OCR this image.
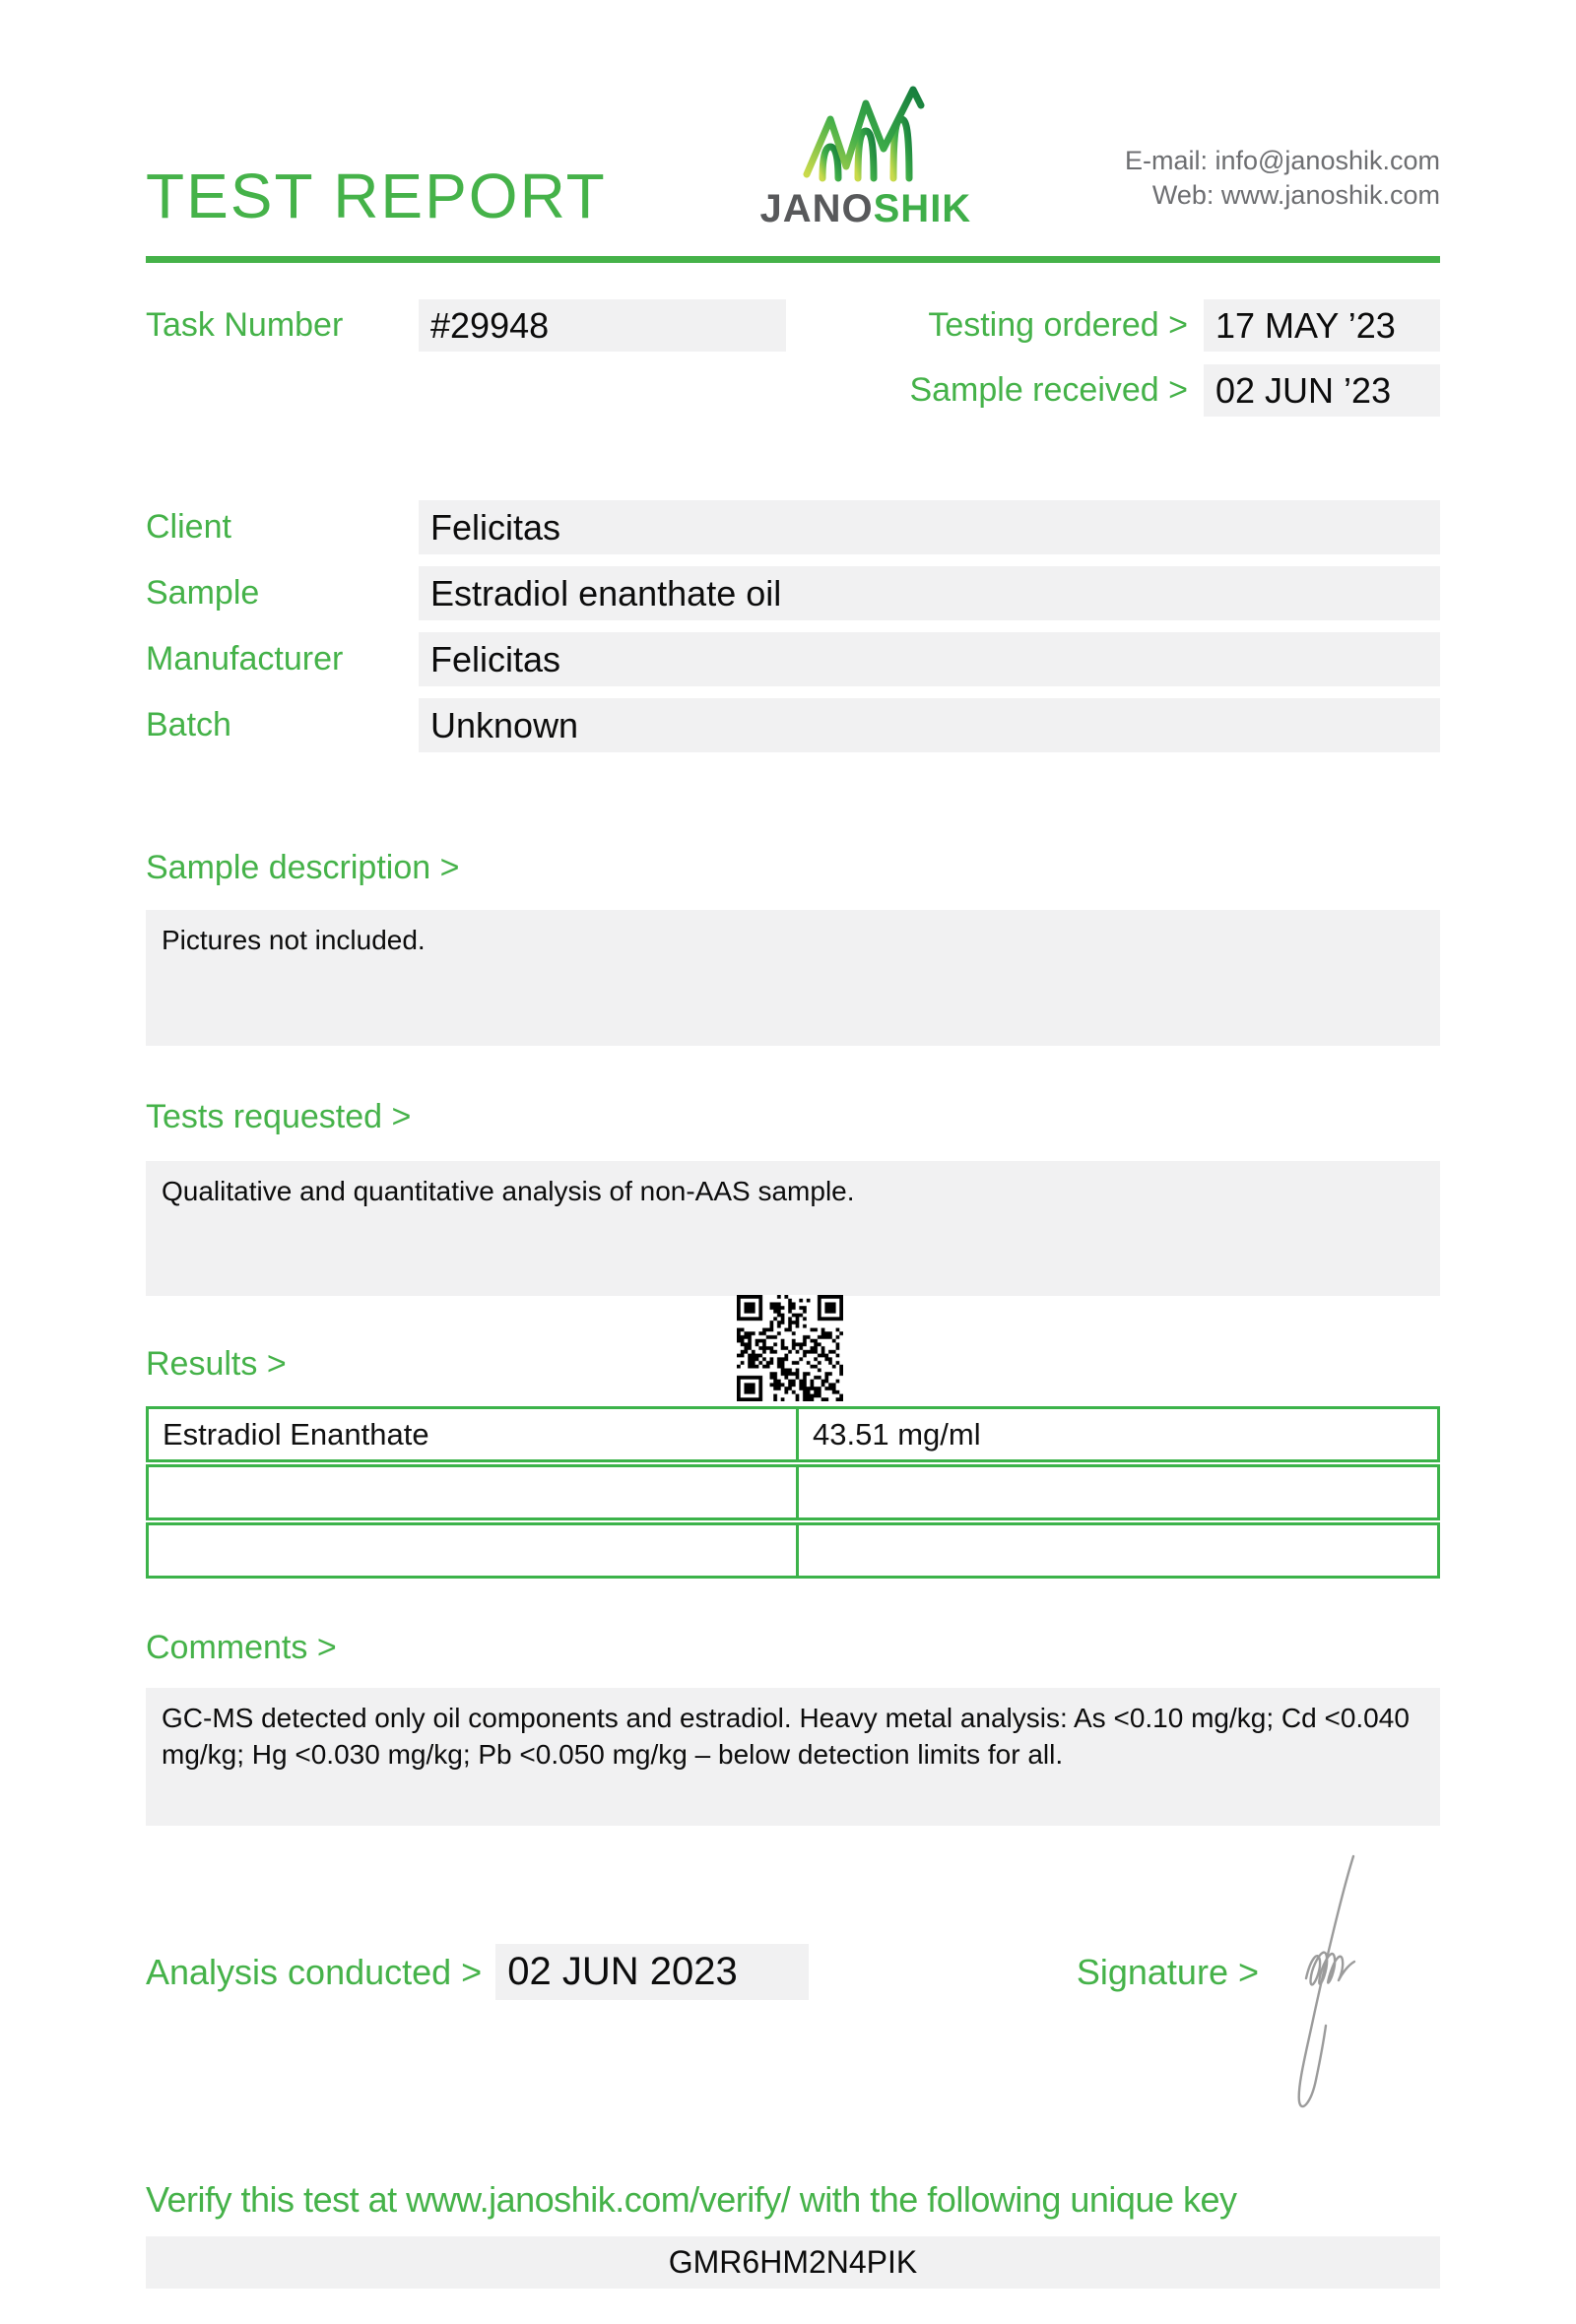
TEST REPORT	JANOSHIK
E-mail: info@janoshik.com
Web: www.janoshik.com
Task Number	#29948	Testing ordered > 17 MAY ’23
Sample received > 02 JUN ’23
Client	Felicitas
Sample	Estradiol enanthate oil
Manufacturer	Felicitas
Batch	Unknown
Sample description >
Pictures not included.
Tests requested >
Qualitative and quantitative analysis of non-AAS sample.
Results >
Estradiol Enanthate	43.51 mg/ml
Comments >
GC-MS detected only oil components and estradiol. Heavy metal analysis: As <0.10 mg/kg; Cd <0.040 mg/kg; Hg <0.030 mg/kg; Pb <0.050 mg/kg – below detection limits for all.
Analysis conducted > 02 JUN 2023	Signature >
Verify this test at www.janoshik.com/verify/ with the following unique key
GMR6HM2N4PIK
